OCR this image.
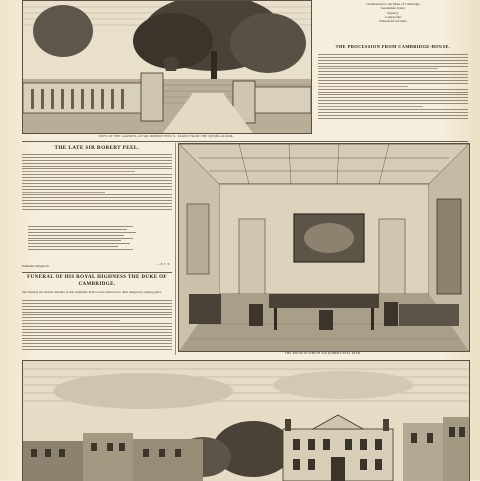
VIEW OF THE GARDEN, AT SIR ROBERT PEEL'S, TAKEN FROM THE DINING-ROOM.
Chamberlain to the Duke of Cambridge
Gentleman Usher
Equerry
Comptroller
Household Servants
THE PROCESSION FROM CAMBRIDGE-HOUSE.
THE LATE SIR ROBERT PEEL.
—T. T. T.
Plumstile Kingdom.
FUNERAL OF HIS ROYAL HIGHNESS THE DUKE OF CAMBRIDGE.
On Tuesday the mortal remains of this estimable Prince were removed to their temporary resting-place,
THE ROOM IN WHICH SIR ROBERT PEEL DIED.
